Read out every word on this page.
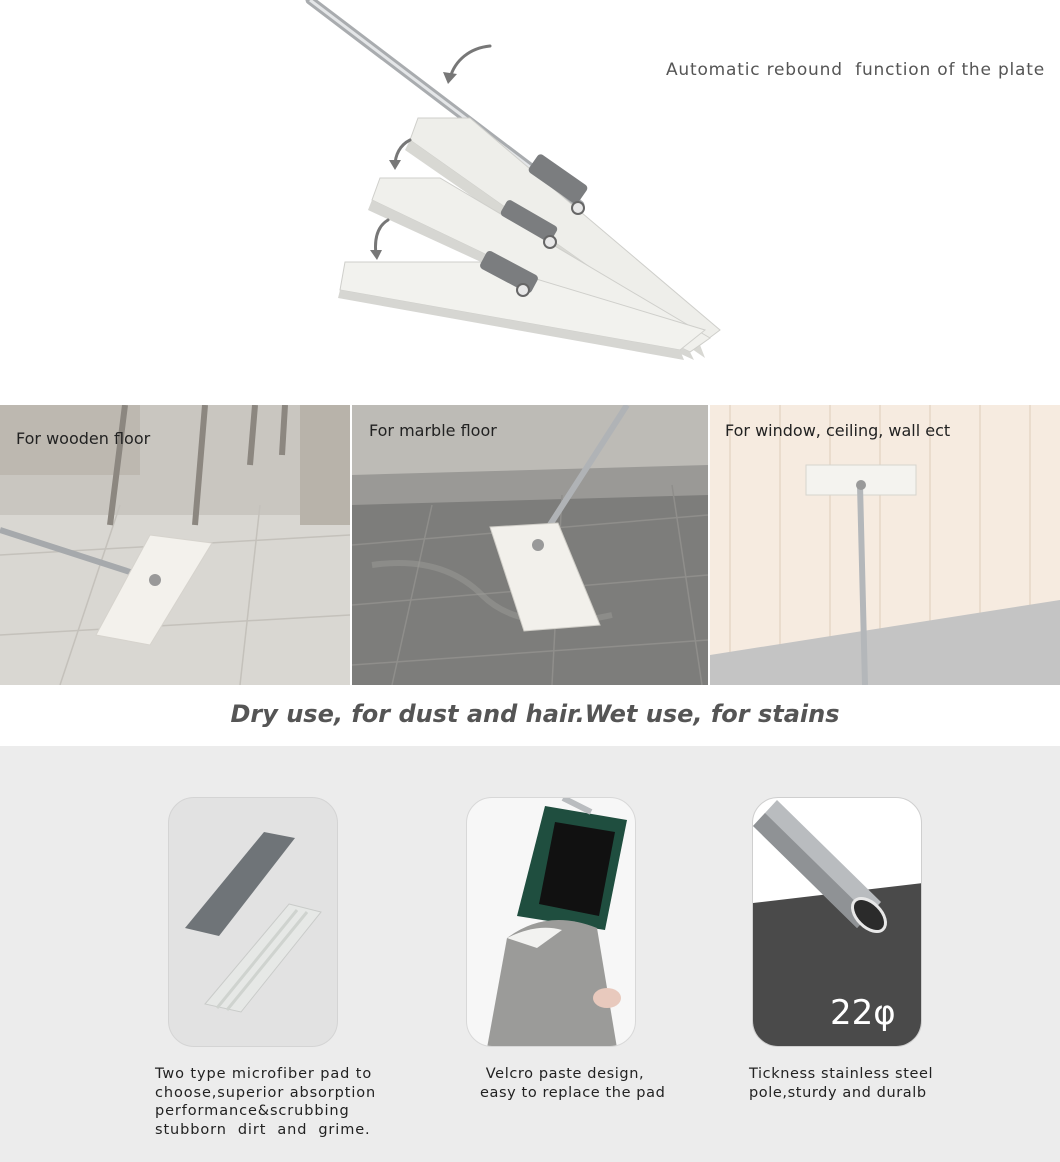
Automatic rebound  function of the plate
For wooden floor	For marble floor	For window, ceiling, wall ect
Dry use, for dust and hair.Wet use, for stains
22φ
Two type microfiber pad to
choose,superior absorption
performance&scrubbing
stubborn  dirt  and  grime.
Velcro paste design,
easy to replace the
Tickness stainless steel
pole,sturdy and duralb
